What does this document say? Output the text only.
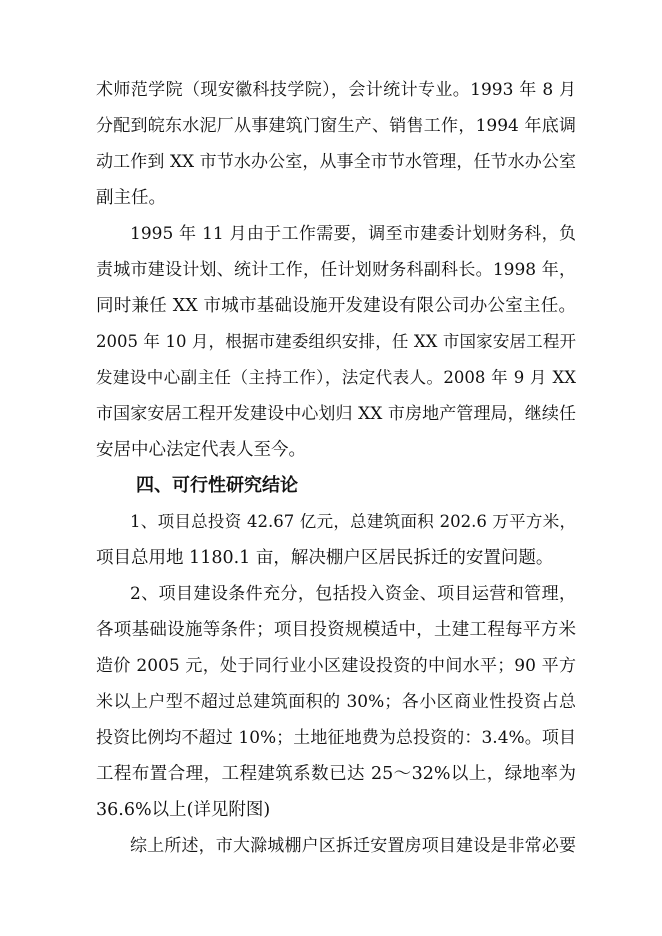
术师范学院（现安徽科技学院），会计统计专业。1993 年 8 月
分配到皖东水泥厂从事建筑门窗生产、销售工作，1994 年底调
动工作到 XX 市节水办公室，从事全市节水管理，任节水办公室
副主任。
1995 年 11 月由于工作需要，调至市建委计划财务科，负
责城市建设计划、统计工作，任计划财务科副科长。1998 年，
同时兼任 XX 市城市基础设施开发建设有限公司办公室主任。
2005 年 10 月，根据市建委组织安排，任 XX 市国家安居工程开
发建设中心副主任（主持工作），法定代表人。2008 年 9 月 XX
市国家安居工程开发建设中心划归 XX 市房地产管理局，继续任
安居中心法定代表人至今。
四、可行性研究结论
1、项目总投资 42.67 亿元，总建筑面积 202.6 万平方米，
项目总用地 1180.1 亩，解决棚户区居民拆迁的安置问题。
2、项目建设条件充分，包括投入资金、项目运营和管理，
各项基础设施等条件；项目投资规模适中，土建工程每平方米
造价 2005 元，处于同行业小区建设投资的中间水平；90 平方
米以上户型不超过总建筑面积的 30%；各小区商业性投资占总
投资比例均不超过 10%；土地征地费为总投资的：3.4%。项目
工程布置合理，工程建筑系数已达 25～32%以上，绿地率为
36.6%以上(详见附图)
综上所述，市大滁城棚户区拆迁安置房项目建设是非常必要
